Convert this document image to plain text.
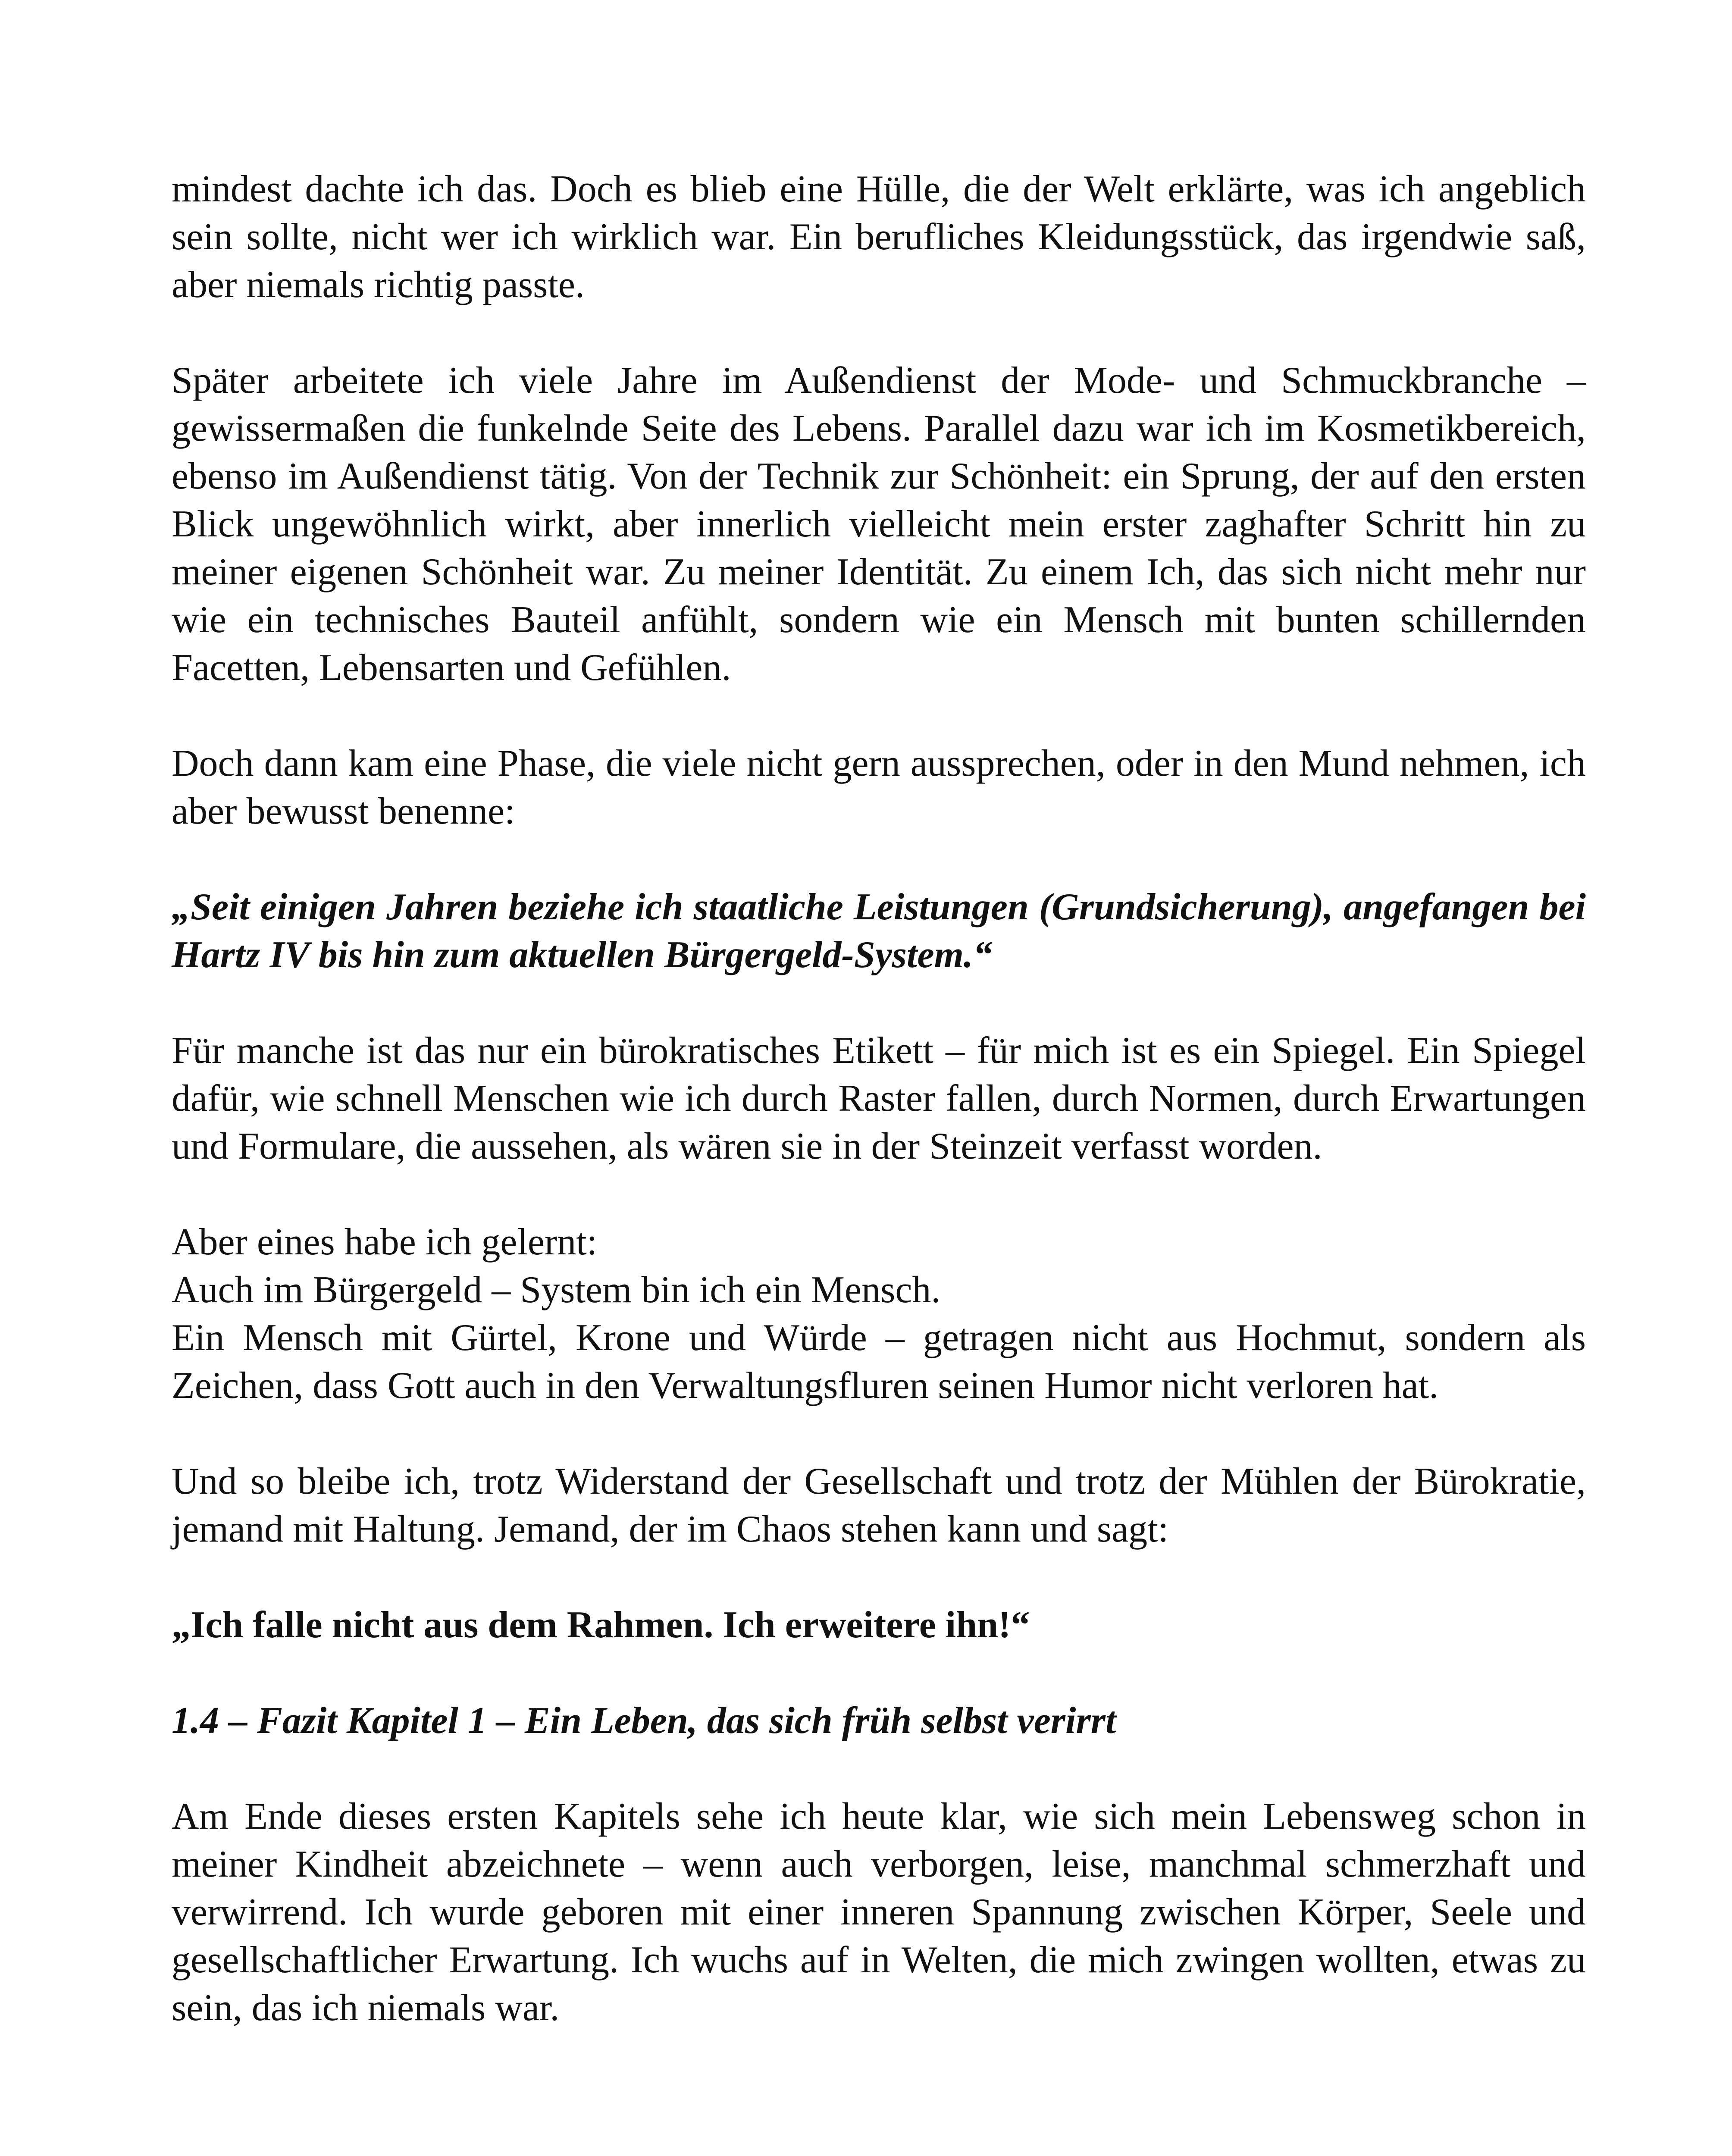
mindest dachte ich das. Doch es blieb eine Hülle, die der Welt erklärte, was ich angeblich sein sollte, nicht wer ich wirklich war. Ein berufliches Kleidungsstück, das irgendwie saß, aber niemals richtig passte.

Später arbeitete ich viele Jahre im Außendienst der Mode- und Schmuckbranche – gewissermaßen die funkelnde Seite des Lebens. Parallel dazu war ich im Kosmetikbereich, ebenso im Außendienst tätig. Von der Technik zur Schönheit: ein Sprung, der auf den ersten Blick ungewöhnlich wirkt, aber innerlich vielleicht mein erster zaghafter Schritt hin zu meiner eigenen Schönheit war. Zu meiner Identität. Zu einem Ich, das sich nicht mehr nur wie ein technisches Bauteil anfühlt, sondern wie ein Mensch mit bunten schillernden Facetten, Lebensarten und Gefühlen.

Doch dann kam eine Phase, die viele nicht gern aussprechen, oder in den Mund nehmen, ich aber bewusst benenne:

„Seit einigen Jahren beziehe ich staatliche Leistungen (Grundsicherung), angefangen bei Hartz IV bis hin zum aktuellen Bürgergeld-System.“

Für manche ist das nur ein bürokratisches Etikett – für mich ist es ein Spiegel. Ein Spiegel dafür, wie schnell Menschen wie ich durch Raster fallen, durch Normen, durch Erwartungen und Formulare, die aussehen, als wären sie in der Steinzeit verfasst worden.

Aber eines habe ich gelernt:
Auch im Bürgergeld – System bin ich ein Mensch.
Ein Mensch mit Gürtel, Krone und Würde – getragen nicht aus Hochmut, sondern als Zeichen, dass Gott auch in den Verwaltungsfluren seinen Humor nicht verloren hat.

Und so bleibe ich, trotz Widerstand der Gesellschaft und trotz der Mühlen der Bürokratie, jemand mit Haltung. Jemand, der im Chaos stehen kann und sagt:

„Ich falle nicht aus dem Rahmen. Ich erweitere ihn!“

1.4 – Fazit Kapitel 1 – Ein Leben, das sich früh selbst verirrt

Am Ende dieses ersten Kapitels sehe ich heute klar, wie sich mein Lebensweg schon in meiner Kindheit abzeichnete – wenn auch verborgen, leise, manchmal schmerzhaft und verwirrend. Ich wurde geboren mit einer inneren Spannung zwischen Körper, Seele und gesellschaftlicher Erwartung. Ich wuchs auf in Welten, die mich zwingen wollten, etwas zu sein, das ich niemals war.
